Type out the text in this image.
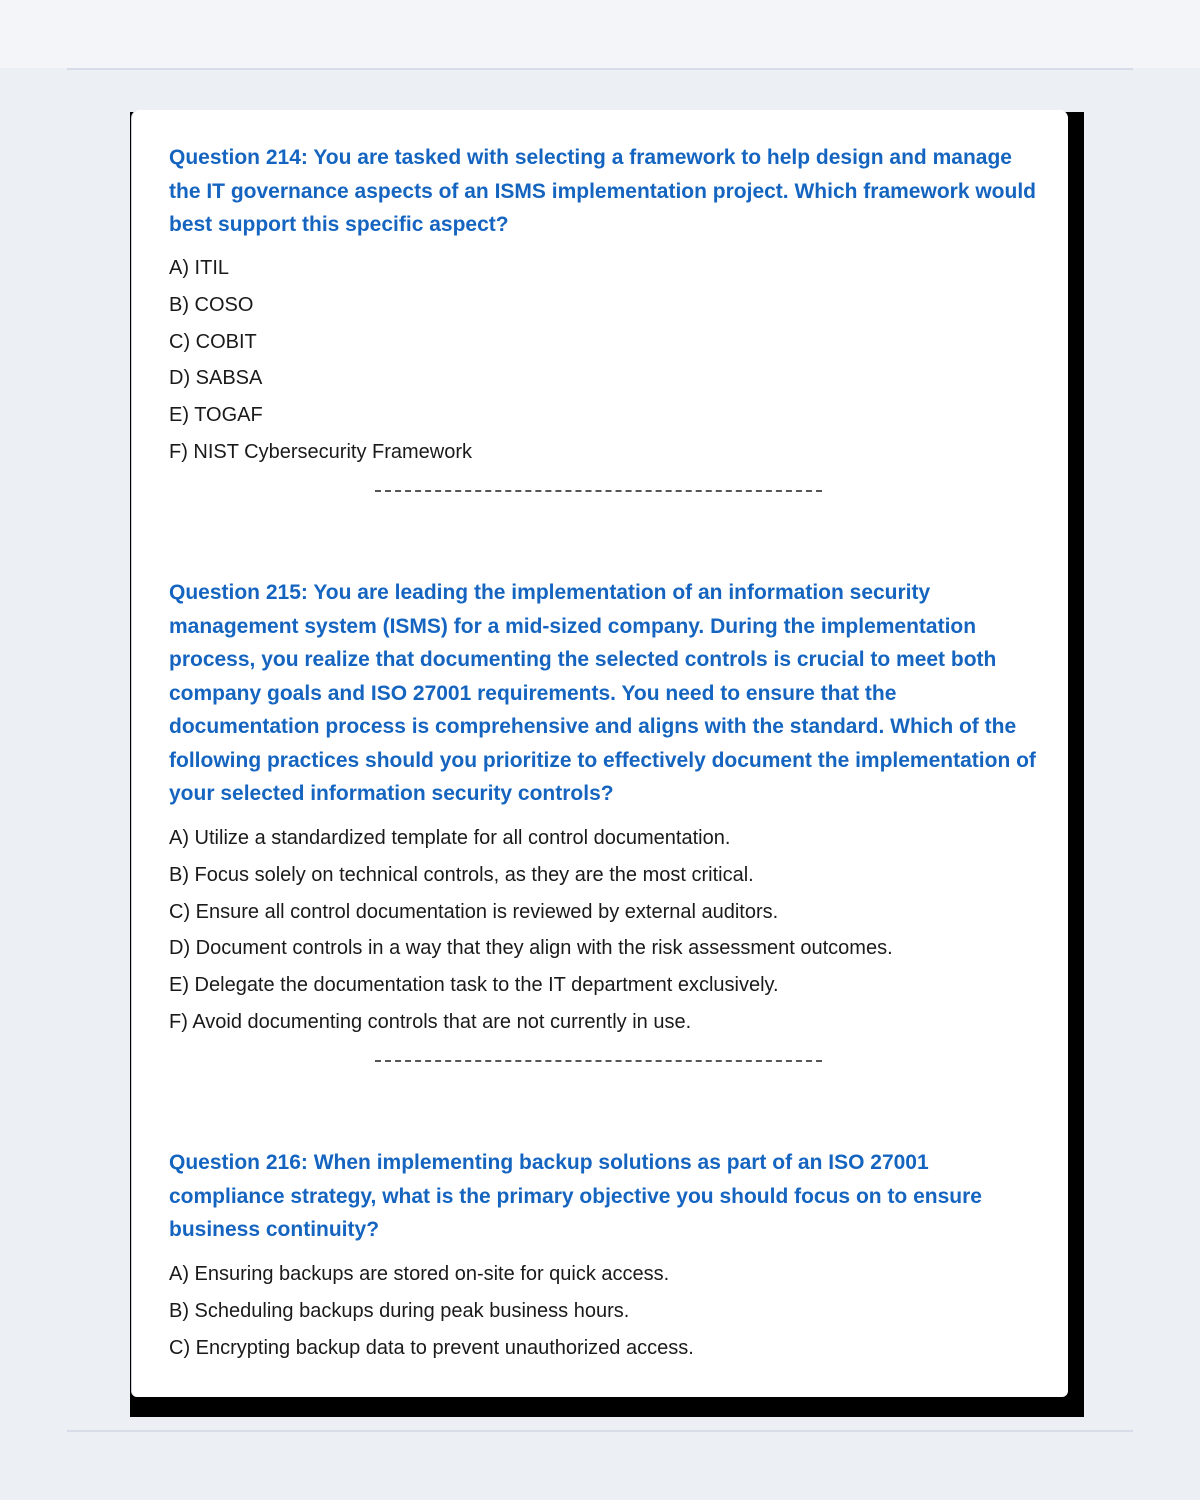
Question 214: You are tasked with selecting a framework to help design and manage the IT governance aspects of an ISMS implementation project. Which framework would best support this specific aspect?

A) ITIL
B) COSO
C) COBIT
D) SABSA
E) TOGAF
F) NIST Cybersecurity Framework

Question 215: You are leading the implementation of an information security management system (ISMS) for a mid-sized company. During the implementation process, you realize that documenting the selected controls is crucial to meet both company goals and ISO 27001 requirements. You need to ensure that the documentation process is comprehensive and aligns with the standard. Which of the following practices should you prioritize to effectively document the implementation of your selected information security controls?

A) Utilize a standardized template for all control documentation.
B) Focus solely on technical controls, as they are the most critical.
C) Ensure all control documentation is reviewed by external auditors.
D) Document controls in a way that they align with the risk assessment outcomes.
E) Delegate the documentation task to the IT department exclusively.
F) Avoid documenting controls that are not currently in use.

Question 216: When implementing backup solutions as part of an ISO 27001 compliance strategy, what is the primary objective you should focus on to ensure business continuity?

A) Ensuring backups are stored on-site for quick access.
B) Scheduling backups during peak business hours.
C) Encrypting backup data to prevent unauthorized access.
